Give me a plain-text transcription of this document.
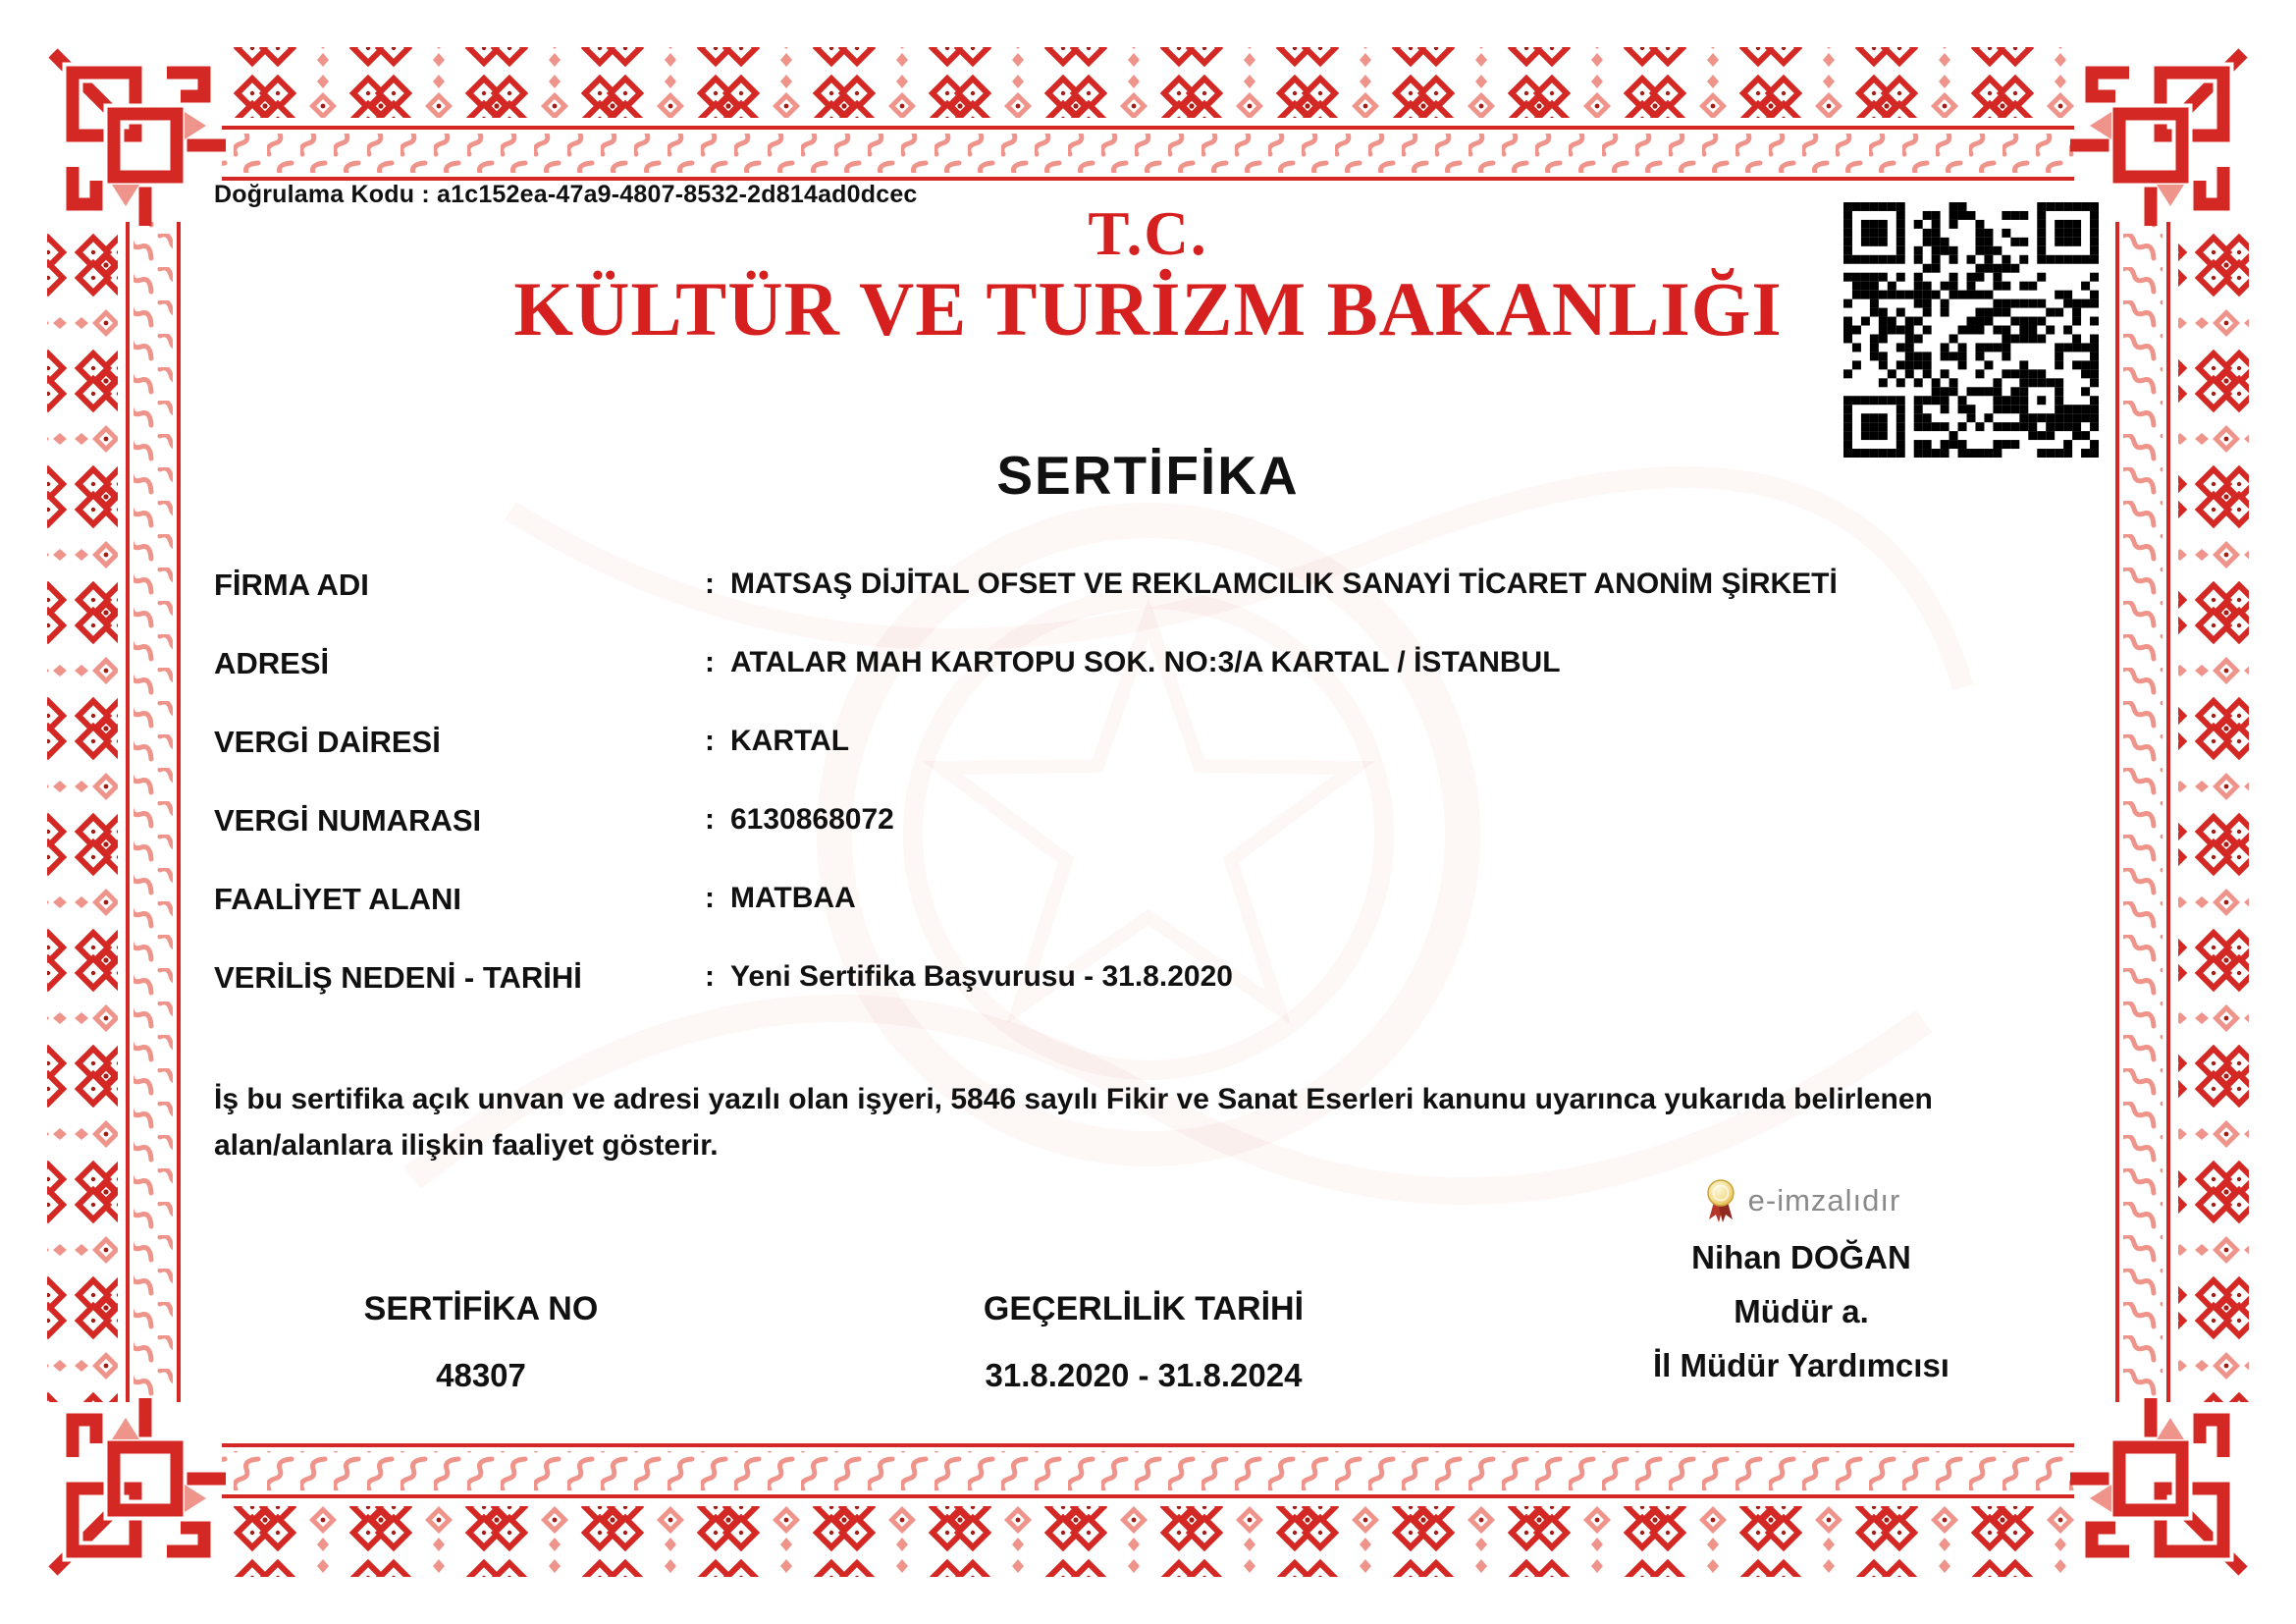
Doğrulama Kodu : a1c152ea-47a9-4807-8532-2d814ad0dcec
T.C.
KÜLTÜR VE TURİZM BAKANLIĞI
SERTİFİKA
FİRMA ADI	: MATSAŞ DİJİTAL OFSET VE REKLAMCILIK SANAYİ TİCARET ANONİM ŞİRKETİ
ADRESİ	: ATALAR MAH KARTOPU SOK. NO:3/A KARTAL / İSTANBUL
VERGİ DAİRESİ	: KARTAL
VERGİ NUMARASI	: 6130868072
FAALİYET ALANI	: MATBAA
VERİLİŞ NEDENİ - TARİHİ	: Yeni Sertifika Başvurusu - 31.8.2020
İş bu sertifika açık unvan ve adresi yazılı olan işyeri, 5846 sayılı Fikir ve Sanat Eserleri kanunu uyarınca yukarıda belirlenen
alan/alanlara ilişkin faaliyet gösterir.
SERTİFİKA NO
48307
GEÇERLİLİK TARİHİ
31.8.2020 - 31.8.2024
e-imzalıdır
Nihan DOĞAN
Müdür a.
İl Müdür Yardımcısı
